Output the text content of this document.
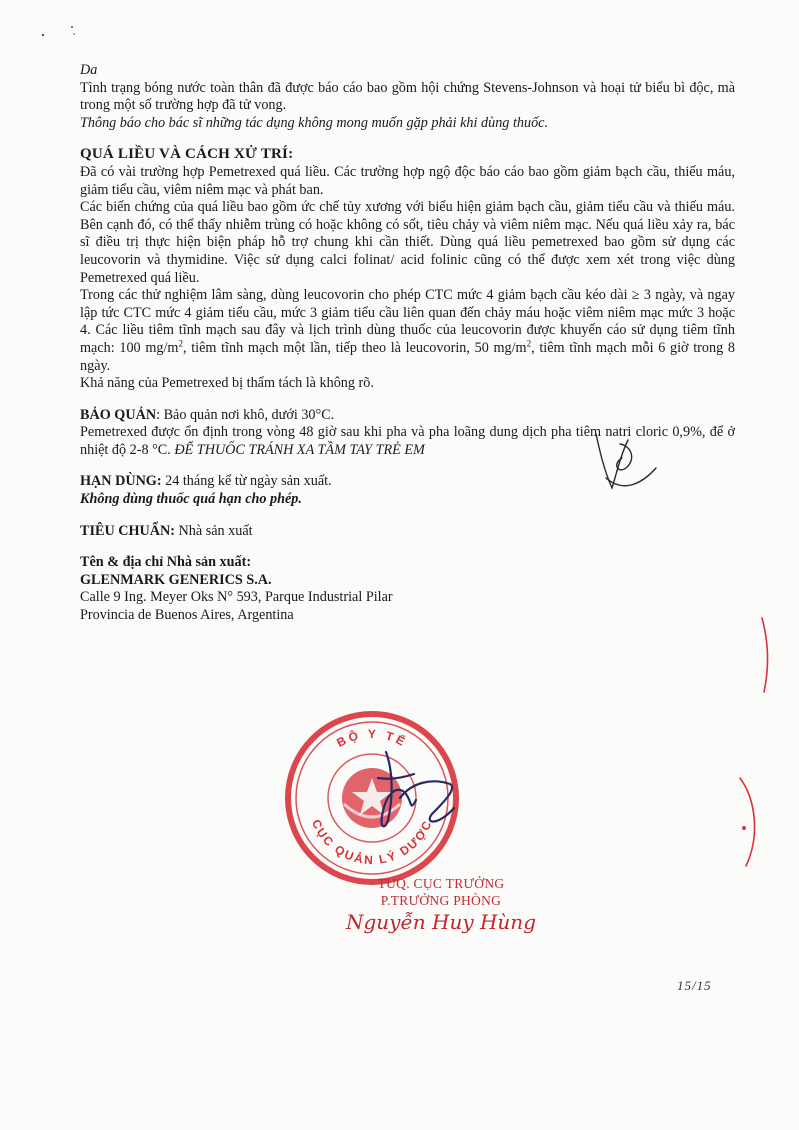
Da

Tình trạng bóng nước toàn thân đã được báo cáo bao gồm hội chứng Stevens-Johnson và hoại tử biểu bì độc, mà trong một số trường hợp đã tử vong.

Thông báo cho bác sĩ những tác dụng không mong muốn gặp phải khi dùng thuốc.

QUÁ LIỀU VÀ CÁCH XỬ TRÍ:

Đã có vài trường hợp Pemetrexed quá liều. Các trường hợp ngộ độc báo cáo bao gồm giảm bạch cầu, thiếu máu, giảm tiểu cầu, viêm niêm mạc và phát ban.

Các biến chứng của quá liều bao gồm ức chế tủy xương với biểu hiện giảm bạch cầu, giảm tiểu cầu và thiếu máu. Bên cạnh đó, có thể thấy nhiễm trùng có hoặc không có sốt, tiêu chảy và viêm niêm mạc. Nếu quá liều xảy ra, bác sĩ điều trị thực hiện biện pháp hỗ trợ chung khi cần thiết. Dùng quá liều pemetrexed bao gồm sử dụng các leucovorin và thymidine. Việc sử dụng calci folinat/ acid folinic cũng có thể được xem xét trong việc dùng Pemetrexed quá liều.

Trong các thử nghiệm lâm sàng, dùng leucovorin cho phép CTC mức 4 giảm bạch cầu kéo dài ≥ 3 ngày, và ngay lập tức CTC mức 4 giảm tiểu cầu, mức 3 giảm tiểu cầu liên quan đến chảy máu hoặc viêm niêm mạc mức 3 hoặc 4. Các liều tiêm tĩnh mạch sau đây và lịch trình dùng thuốc của leucovorin được khuyến cáo sử dụng tiêm tĩnh mạch: 100 $mg/m^2$, tiêm tĩnh mạch một lần, tiếp theo là leucovorin, 50 $mg/m^2$, tiêm tĩnh mạch mỗi 6 giờ trong 8 ngày.

Khả năng của Pemetrexed bị thẩm tách là không rõ.

BẢO QUẢN: Bảo quản nơi khô, dưới 30°C.

Pemetrexed được ổn định trong vòng 48 giờ sau khi pha và pha loãng dung dịch pha tiêm natri cloric 0,9%, để ở nhiệt độ 2-8 °C. ĐỂ THUỐC TRÁNH XA TẦM TAY TRẺ EM

HẠN DÙNG: 24 tháng kể từ ngày sản xuất.

Không dùng thuốc quá hạn cho phép.

TIÊU CHUẨN: Nhà sản xuất

Tên & địa chỉ Nhà sản xuất:

GLENMARK GENERICS S.A.

Calle 9 Ing. Meyer Oks N° 593, Parque Industrial Pilar

Provincia de Buenos Aires, Argentina

BỘ Y TẾ
CỤC QUẢN LÝ DƯỢC
TUQ. CỤC TRƯỞNG
P.TRƯỞNG PHÒNG
Nguyễn Huy Hùng
15/15
